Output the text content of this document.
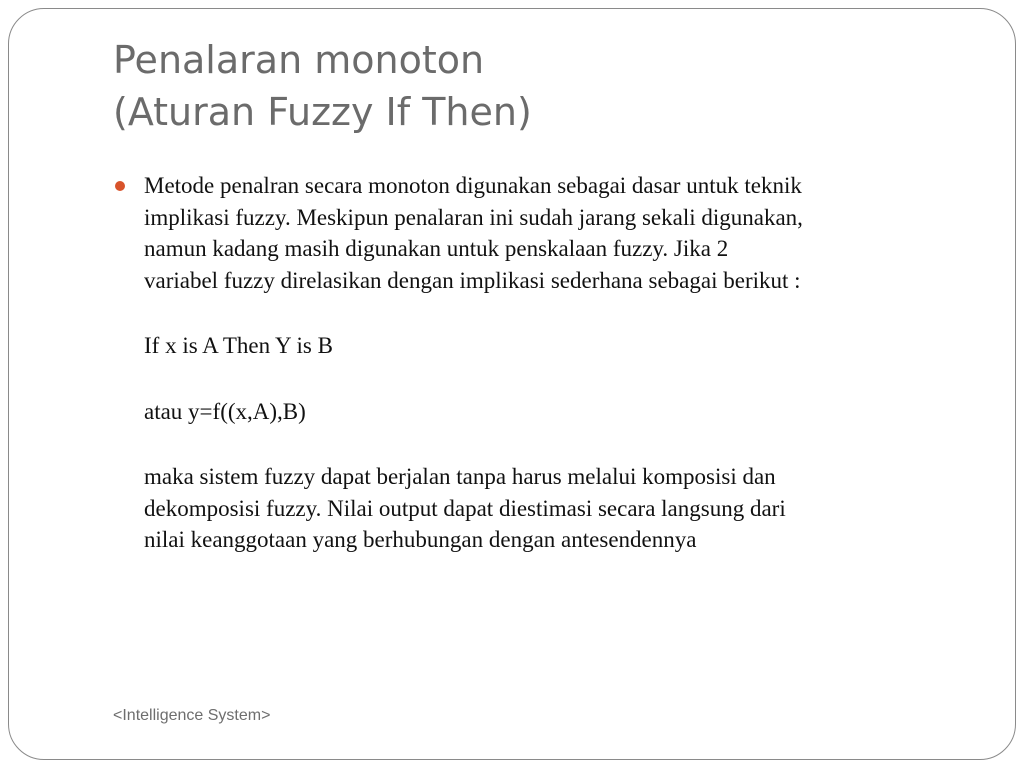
Penalaran monoton
(Aturan Fuzzy If Then)

Metode penalran secara monoton digunakan sebagai dasar untuk teknik
implikasi fuzzy. Meskipun penalaran ini sudah jarang sekali digunakan,
namun kadang masih digunakan untuk penskalaan fuzzy. Jika 2
variabel fuzzy direlasikan dengan implikasi sederhana sebagai berikut :

If x is A Then Y is B

atau y=f((x,A),B)

maka sistem fuzzy dapat berjalan tanpa harus melalui komposisi dan
dekomposisi fuzzy. Nilai output dapat diestimasi secara langsung dari
nilai keanggotaan yang berhubungan dengan antesendennya

<Intelligence System>
